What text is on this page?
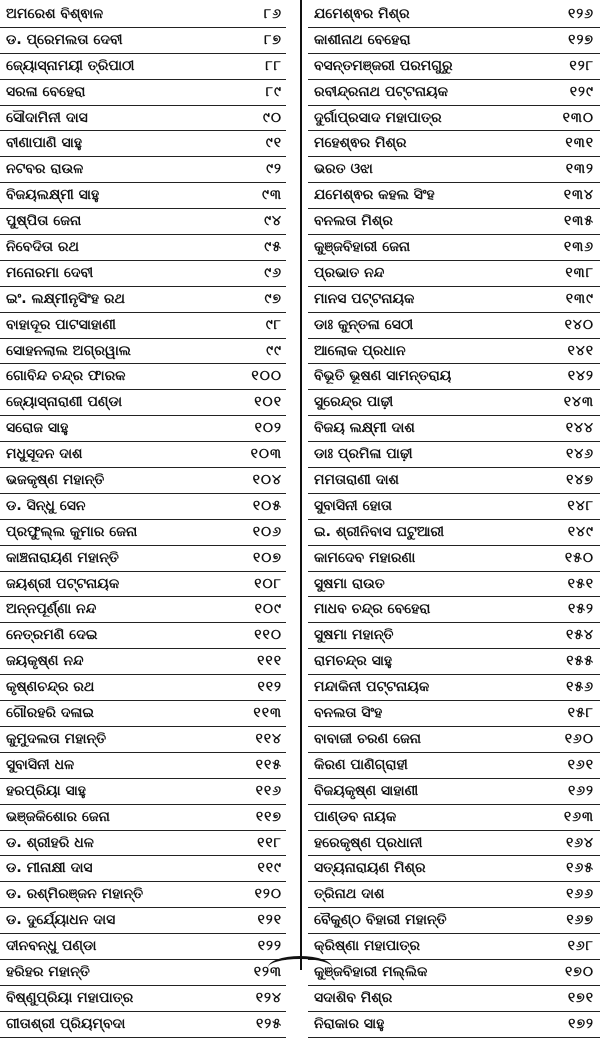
ଅମରେଶ ବିଶ୍ଵାଳ	୮୬
ଡ. ପ୍ରେମଲତା ଦେବୀ	୮୭
ଜ୍ୟୋସ୍ନାମୟୀ ତ୍ରିପାଠୀ	୮୮
ସରଳା ବେହେରା	୮୯
ସୌଦାମିନୀ ଦାସ	୯୦
ବୀଣାପାଣି ସାହୁ	୯୧
ନଟବର ରାଉଳ	୯୨
ବିଜୟଲକ୍ଷ୍ମୀ ସାହୁ	୯୩
ପୁଷ୍ପିତା ଜେନା	୯୪
ନିବେଦିତା ରଥ	୯୫
ମନୋରମା ଦେବୀ	୯୬
ଇଂ. ଲକ୍ଷ୍ମୀନୃସିଂହ ରଥ	୯୭
ବାହାଦୂର ପାଟସାହାଣୀ	୯୮
ସୋହନଲାଲ ଅଗ୍ରୱାଲ	୯୯
ଗୋବିନ୍ଦ ଚନ୍ଦ୍ର ଫାରକ	୧୦୦
ଜ୍ୟୋସ୍ନାରାଣୀ ପଣ୍ଡା	୧୦୧
ସରୋଜ ସାହୁ	୧୦୨
ମଧୁସୂଦନ ଦାଶ	୧୦୩
ଭଜକୃଷ୍ଣ ମହାନ୍ତି	୧୦୪
ଡ. ସିନ୍ଧୁ ସେନ	୧୦୫
ପ୍ରଫୁଲ୍ଲ କୁମାର ଜେନା	୧୦୬
କାଞ୍ଚନାରାୟଣ ମହାନ୍ତି	୧୦୭
ଜୟଶ୍ରୀ ପଟ୍ଟନାୟକ	୧୦୮
ଅନ୍ନପୂର୍ଣ୍ଣା ନନ୍ଦ	୧୦୯
ନେତ୍ରମଣି ଦେଇ	୧୧୦
ଜୟକୃଷ୍ଣ ନନ୍ଦ	୧୧୧
କୃଷ୍ଣଚନ୍ଦ୍ର ରଥ	୧୧୨
ଗୌରହରି ଦଳାଇ	୧୧୩
କୁମୁଦଲତା ମହାନ୍ତି	୧୧୪
ସୁବାସିନୀ ଧଳ	୧୧୫
ହରପ୍ରିୟା ସାହୁ	୧୧୬
ଭଞ୍ଜକିଶୋର ଜେନା	୧୧୭
ଡ. ଶ୍ରୀହରି ଧଳ	୧୧୮
ଡ. ମୀନାକ୍ଷୀ ଦାସ	୧୧୯
ଡ. ରଶ୍ମିରଞ୍ଜନ ମହାନ୍ତି	୧୨୦
ଡ. ଦୁର୍ଯ୍ୟୋଧନ ଦାସ	୧୨୧
ଦୀନବନ୍ଧୁ ପଣ୍ଡା	୧୨୨
ହରିହର ମହାନ୍ତି	୧୨୩
ବିଷ୍ଣୁପ୍ରିୟା ମହାପାତ୍ର	୧୨୪
ଗୀତାଶ୍ରୀ ପ୍ରିୟମ୍ବଦା	୧୨୫
ଯମେଶ୍ଵର ମିଶ୍ର	୧୨୬
କାଶୀନାଥ ବେହେରା	୧୨୭
ବସନ୍ତମଞ୍ଜରୀ ପରମଗୁରୁ	୧୨୮
ରବୀନ୍ଦ୍ରନାଥ ପଟ୍ଟନାୟକ	୧୨୯
ଦୁର୍ଗାପ୍ରସାଦ ମହାପାତ୍ର	୧୩୦
ମହେଶ୍ଵର ମିଶ୍ର	୧୩୧
ଭରତ ଓଝା	୧୩୨
ଯମେଶ୍ଵର କହଲ ସିଂହ	୧୩୪
ବନଲତା ମିଶ୍ର	୧୩୫
କୁଞ୍ଜବିହାରୀ ଜେନା	୧୩୬
ପ୍ରଭାତ ନନ୍ଦ	୧୩୮
ମାନସ ପଟ୍ଟନାୟକ	୧୩୯
ଡାଃ କୁନ୍ତଳା ସେଠୀ	୧୪୦
ଆଲୋକ ପ୍ରଧାନ	୧୪୧
ବିଭୂତି ଭୂଷଣ ସାମନ୍ତରାୟ	୧୪୨
ସୁରେନ୍ଦ୍ର ପାଢ଼ୀ	୧୪୩
ବିଜୟ ଲକ୍ଷ୍ମୀ ଦାଶ	୧୪୪
ଡାଃ ପ୍ରମିଳା ପାଢ଼ୀ	୧୪୬
ମମତାରାଣୀ ଦାଶ	୧୪୭
ସୁବାସିନୀ ହୋତା	୧୪୮
ଇ. ଶ୍ରୀନିବାସ ଘଟୁଆରୀ	୧୪୯
କାମଦେବ ମହାରଣା	୧୫୦
ସୁଷମା ରାଉତ	୧୫୧
ମାଧବ ଚନ୍ଦ୍ର ବେହେରା	୧୫୨
ସୁଷମା ମହାନ୍ତି	୧୫୪
ରାମଚନ୍ଦ୍ର ସାହୁ	୧୫୫
ମନ୍ଦାକିନୀ ପଟ୍ଟନାୟକ	୧୫୬
ବନଲତା ସିଂହ	୧୫୮
ବାବାଜୀ ଚରଣ ଜେନା	୧୬୦
କିରଣ ପାଣିଗ୍ରାହୀ	୧୬୧
ବିଜୟକୃଷ୍ଣ ସାହାଣୀ	୧୬୨
ପାଣ୍ଡବ ନାୟକ	୧୬୩
ହରେକୃଷ୍ଣ ପ୍ରଧାନୀ	୧୬୪
ସତ୍ୟନାରାୟଣ ମିଶ୍ର	୧୬୫
ତ୍ରିନାଥ ଦାଶ	୧୬୬
ବୈକୁଣ୍ଠ ବିହାରୀ ମହାନ୍ତି	୧୬୭
କ୍ରିଷ୍ଣା ମହାପାତ୍ର	୧୬୮
କୁଞ୍ଜବିହାରୀ ମଲ୍ଲିକ	୧୭୦
ସଦାଶିବ ମିଶ୍ର	୧୭୧
ନିରାକାର ସାହୁ	୧୭୨
